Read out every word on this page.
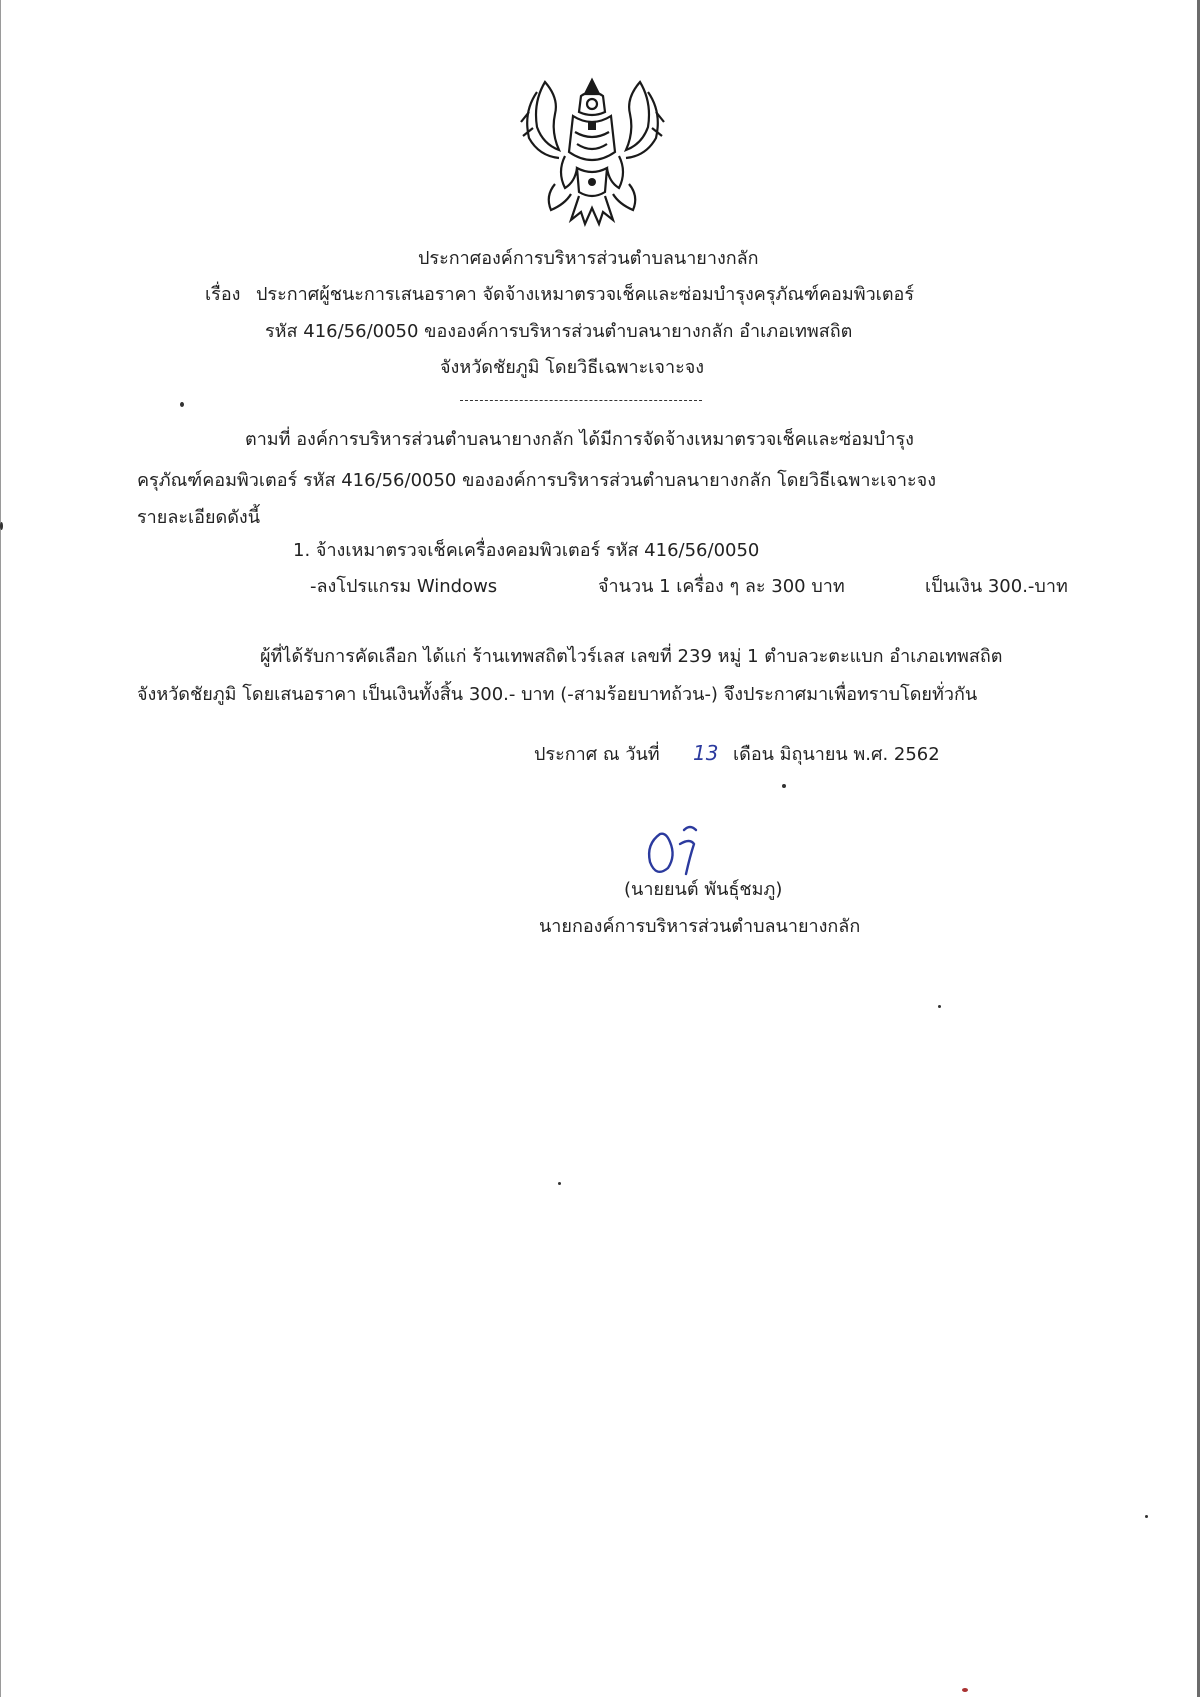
ประกาศองค์การบริหารส่วนตำบลนายางกลัก
เรื่อง ประกาศผู้ชนะการเสนอราคา จัดจ้างเหมาตรวจเช็คและซ่อมบำรุงครุภัณฑ์คอมพิวเตอร์
รหัส 416/56/0050 ขององค์การบริหารส่วนตำบลนายางกลัก อำเภอเทพสถิต
จังหวัดชัยภูมิ โดยวิธีเฉพาะเจาะจง
ตามที่ องค์การบริหารส่วนตำบลนายางกลัก ได้มีการจัดจ้างเหมาตรวจเช็คและซ่อมบำรุง
ครุภัณฑ์คอมพิวเตอร์ รหัส 416/56/0050 ขององค์การบริหารส่วนตำบลนายางกลัก โดยวิธีเฉพาะเจาะจง
รายละเอียดดังนี้
1. จ้างเหมาตรวจเช็คเครื่องคอมพิวเตอร์ รหัส 416/56/0050
-ลงโปรแกรม Windows	จำนวน 1 เครื่อง ๆ ละ 300 บาท	เป็นเงิน 300.-บาท
ผู้ที่ได้รับการคัดเลือก ได้แก่ ร้านเทพสถิตไวร์เลส เลขที่ 239 หมู่ 1 ตำบลวะตะแบก อำเภอเทพสถิต
จังหวัดชัยภูมิ โดยเสนอราคา เป็นเงินทั้งสิ้น 300.- บาท (-สามร้อยบาทถ้วน-) จึงประกาศมาเพื่อทราบโดยทั่วกัน
ประกาศ ณ วันที่ 13 เดือน มิถุนายน พ.ศ. 2562
(นายยนต์ พันธุ์ชมภู)
นายกองค์การบริหารส่วนตำบลนายางกลัก
